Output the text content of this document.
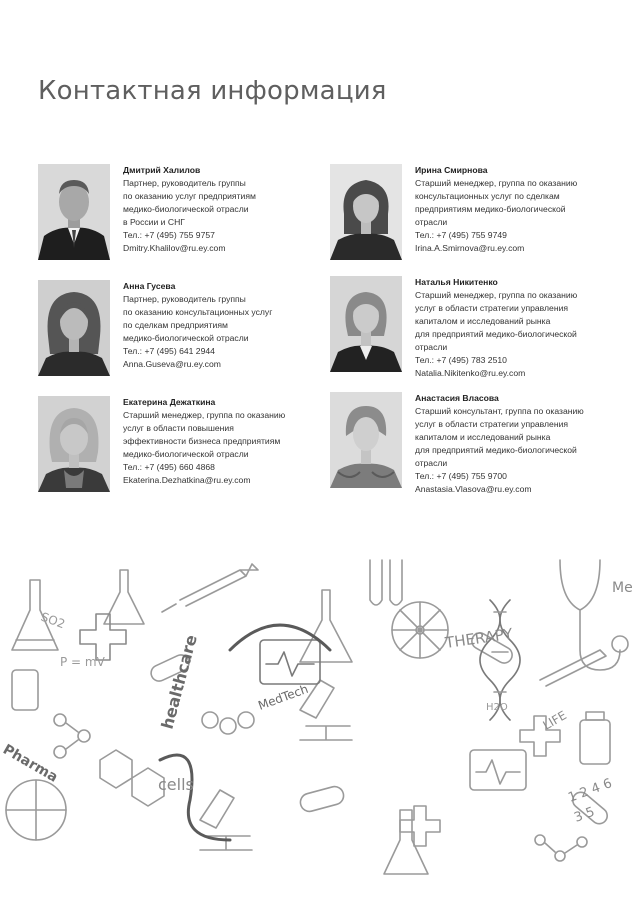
Контактная информация
Дмитрий Халилов
Партнер, руководитель группы
по оказанию услуг предприятиям
медико-биологической отрасли
в России и СНГ
Тел.: +7 (495) 755 9757
Dmitry.Khalilov@ru.ey.com
Ирина Смирнова
Старший менеджер, группа по оказанию
консультационных услуг по сделкам
предприятиям медико-биологической
отрасли
Тел.: +7 (495) 755 9749
Irina.A.Smirnova@ru.ey.com
Анна Гусева
Партнер, руководитель группы
по оказанию консультационных услуг
по сделкам предприятиям
медико-биологической отрасли
Тел.: +7 (495) 641 2944
Anna.Guseva@ru.ey.com
Наталья Никитенко
Старший менеджер, группа по оказанию
услуг в области стратегии управления
капиталом и исследований рынка
для предприятий медико-биологической
отрасли
Тел.: +7 (495) 783 2510
Natalia.Nikitenko@ru.ey.com
Екатерина Дежаткина
Старший менеджер, группа по оказанию
услуг в области повышения
эффективности бизнеса предприятиям
медико-биологической отрасли
Тел.: +7 (495) 660 4868
Ekaterina.Dezhatkina@ru.ey.com
Анастасия Власова
Старший консультант, группа по оказанию
услуг в области стратегии управления
капиталом и исследований рынка
для предприятий медико-биологической
отрасли
Тел.: +7 (495) 755 9700
Anastasia.Vlasova@ru.ey.com
healthcare	MedTech
THERAPY
cells
P = mV
SO2
LIFE
H2O
1 2 4 6
3 5
Me
Pharma
